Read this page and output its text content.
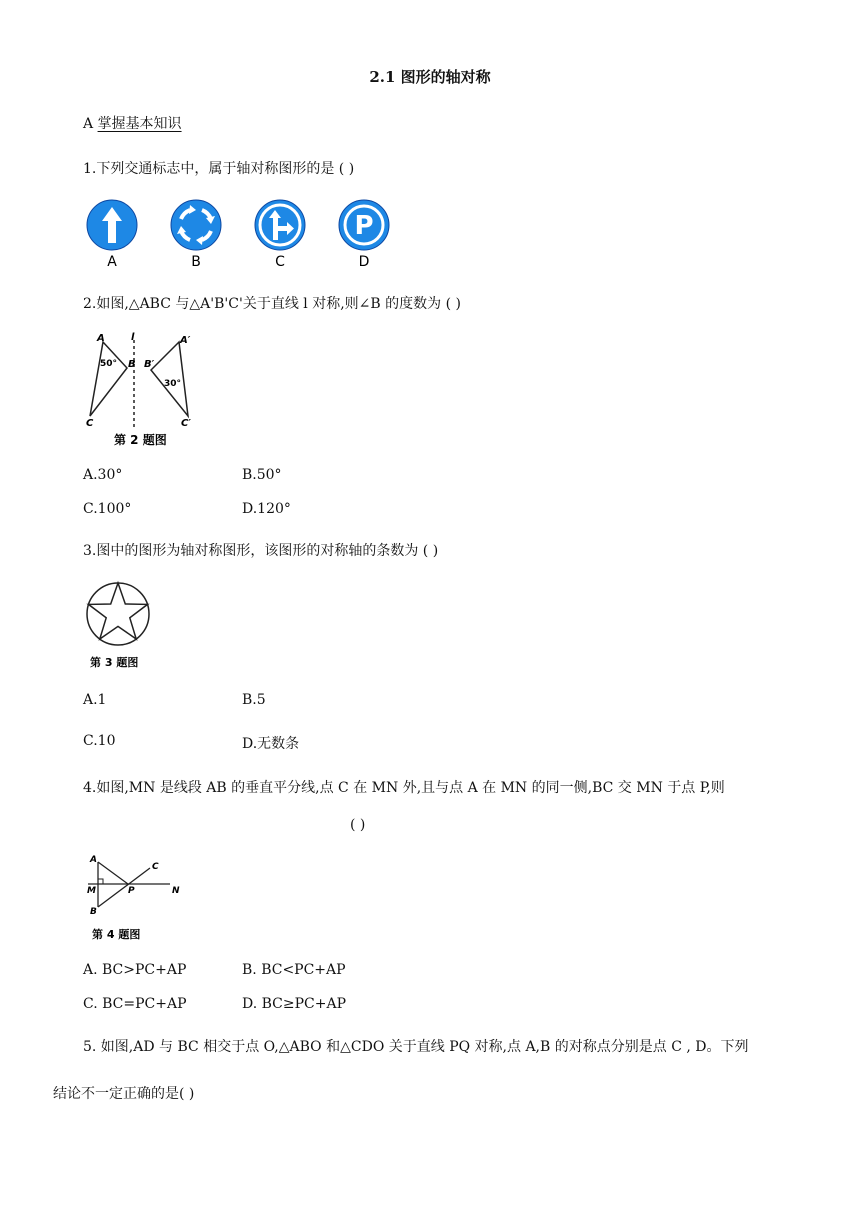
2.1 图形的轴对称
A 掌握基本知识
1.下列交通标志中，属于轴对称图形的是 ( )
P
A	B	C	D
2.如图,△ABC 与△A'B'C'关于直线 l 对称,则∠B 的度数为 ( )
A
B
C
l	A′
B′
C′
50°
30°
第 2 题图
A.30°	B.50°
C.100°	D.120°
3.图中的图形为轴对称图形，该图形的对称轴的条数为 ( )
第 3 题图
A.1	B.5
C.10	D.无数条
4.如图,MN 是线段 AB 的垂直平分线,点 C 在 MN 外,且与点 A 在 MN 的同一侧,BC 交 MN 于点 P,则
( )
A
B
C
M	N
P
第 4 题图
A. BC>PC+AP	B. BC<PC+AP
C. BC=PC+AP	D. BC≥PC+AP
5. 如图,AD 与 BC 相交于点 O,△ABO 和△CDO 关于直线 PQ 对称,点 A,B 的对称点分别是点 C , D。下列
结论不一定正确的是( )
